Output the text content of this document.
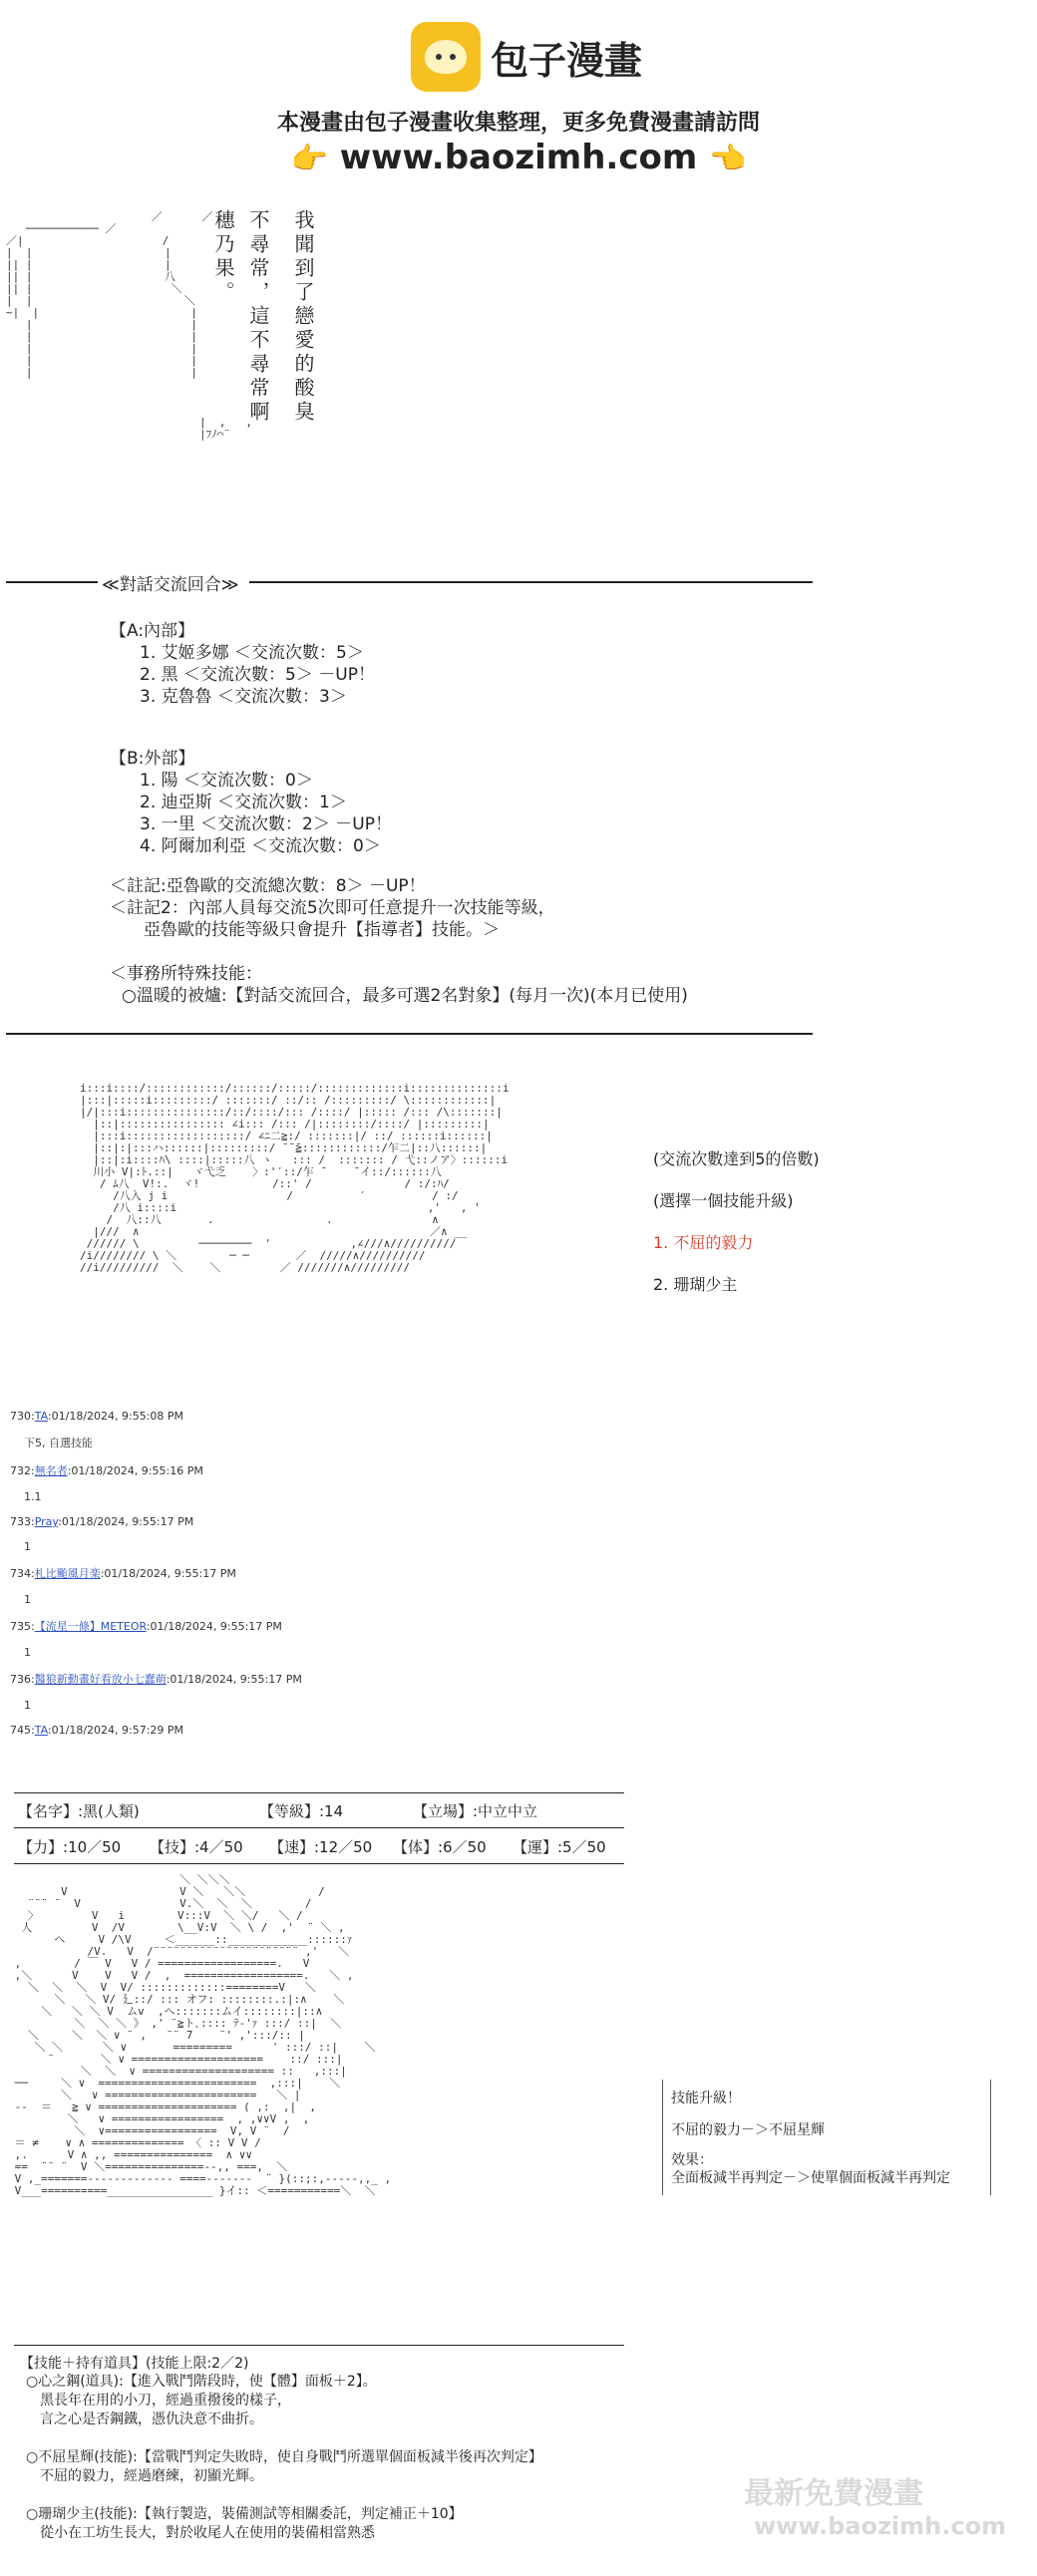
包子漫畫
本漫畫由包子漫畫收集整理，更多免費漫畫請訪問
👉 www.baozimh.com 👈
／      ／
─────────── ／
／|                     /
|  |                    |
|| |                    |
|| |                    八
|| |                     ＼
|  |                       ＼
~|  |                       |
|                        |
|                        |
|                        |
|                        |
|                        |	我聞到了戀愛的酸臭
不尋常，這不尋常啊
穗乃果。
|  ,   ,
|ﾌﾉ⌒¨
≪對話交流回合≫
【A:內部】
1. 艾姬多娜 ＜交流次數：5＞
2. 黑 ＜交流次數：5＞ －UP！
3. 克魯魯 ＜交流次數：3＞
【B:外部】
1. 陽 ＜交流次數：0＞
2. 迪亞斯 ＜交流次數：1＞
3. 一里 ＜交流次數：2＞ －UP！
4. 阿爾加利亞 ＜交流次數：0＞
＜註記:亞魯歐的交流總次數：8＞ －UP！
＜註記2：內部人員每交流5次即可任意提升一次技能等級，
　　亞魯歐的技能等級只會提升【指導者】技能。＞
＜事務所特殊技能：
○溫暖的被爐:【對話交流回合，最多可選2名對象】(每月一次)(本月已使用)
i:::i::::/::::::::::::/::::::/:::::/:::::::::::::i::::::::::::::i
|:::|:::::i:::::::::/ :::::::/ ::/:: /:::::::::/ \::::::::::::|
|/|:::i:::::::::::::::/::/::::/::: /::::/ |::::: /::: /\:::::::|
|::|:::::::::::::::: ∠i::: /::: /|::::::::/::::/ |:::::::::|
|:::i::::::::::::::::::/ ∠ﾆ二≧:/ :::::::|/ ::/ ::::::i::::::|
|::|:|:::ハ::::::|:::::::::/ ̄ ̄ ̄≧::::::::::::/乍二|::八::::::|
|::|:i::::ﾊ\ ::::|:::::八 ヽ   ::: /  ::::::: / 弋::ノア〉::::::i
川小 V|:ﾄ.::|   ヾ弋乏    〉:'′::/乍 ̄     ̄ イ::/::::::八
/ ﾑ八  V!:.  ヾ!           /::' /              / :/:ﾊ/
/八入 j i                  /          ′          / :/
/八 i::::i                                      ,'   , '
/  八::八       .                 .               ∧
|///  ∧                                            ／∧ __
////// \         ────────  '            ,∠///∧//////////
/i//////// \ ＼        ─ ─       ／  /////∧//////////
//i/////////  ＼    ＼         ／ ///////∧/////////
(交流次數達到5的倍數)
(選擇一個技能升級)
1. 不屈的毅力
2. 珊瑚少主
730:TA:01/18/2024, 9:55:08 PM
下5, 自選技能
732:無名者:01/18/2024, 9:55:16 PM
1.1
733:Pray:01/18/2024, 9:55:17 PM
1
734:札比颱風月楽:01/18/2024, 9:55:17 PM
1
735:【流星一條】METEOR:01/18/2024, 9:55:17 PM
1
736:醫狼新動畫好看放小七蠢萌:01/18/2024, 9:55:17 PM
1
745:TA:01/18/2024, 9:57:29 PM
【名字】:黑(人類)	【等級】:14	【立場】:中立中立
【力】:10／50 【技】:4／50 【速】:12／50 【体】:6／50 【運】:5／50
＼ ＼＼＼
V                 V ＼   ＼＼           /
¨¨¨ ¨  V               V.＼  ＼  ＼        /
〉        V   i        V:::V  ＼ ＼/   ＼ /
人         V  /V        \__V:V  ＼ \ /  ,'  ¨ ＼ ,
へ     V /\V     ＜______::____________::::::ｧ
/V.   V  /¨¨¨¨¨¨¨¨¨¨¨¨¨¨¨¨¨¨¨¨¨¨ ,'   ＼
,        / ￣ V   V / ==================.   V
,＼      V    V   V /  ,  ==================.   ＼ ,
＼  ＼  ＼  V  V/ :::::::::::::========V   ＼
＼   ＼ V/ 廴::/ ::: オフ: ::::::::.:|:∧    ＼
＼   ＼ ＼ V  ムv  ,へ:::::::ムイ::::::::|::∧
＼  ＼ ＼ 》 ,' ¨≧ト､:::: ﾃ-'ｧ :::/ ::|  ＼
＼     ＼  ＼ ∨ ¨ ,   ¨¨ 7    ¨' ,':::/:: |
＼ ＼      ＼ ∨       =========      ' :::/ ::|    ＼
¨       ＼ ∨ ====================    ::/ :::|
＼  ＼  ∨ ==================== ::   ,:::|
──     ＼ ∨  ========================  ,:::|    ＼
＼   ∨ =======================   ＼ |
--  ＝   ≧ ∨ ===================== ( ,:  ,|  ,
＼   ∨ =================  , ,∨∨V ,  ,
＼  ∨=================  V, V ¨  /
＝ ≠    ∨ ∧ ============== 〈 :: V V /
,.      V ∧ ,, ===============  ∧ ∨∨
==  ¨¨ ¨  V ＼===============--,, ===,  ＼
V ,_=======------------- ====-------  ¨ }(::;:,-----,,_ ,
V___==========________________ }イ:: ＜===========＼  ＼
技能升級！
不屈的毅力－＞不屈星輝
效果：
全面板減半再判定－＞使單個面板減半再判定
【技能＋持有道具】(技能上限:2／2)
○心之鋼(道具):【進入戰鬥階段時，使【體】面板＋2】。
　黑長年在用的小刀，經過重撥後的樣子，
　言之心是否鋼鐵，憑仇決意不曲折。
○不屈星輝(技能):【當戰鬥判定失敗時，使自身戰鬥所選單個面板減半後再次判定】
　不屈的毅力，經過磨練，初顯光輝。
○珊瑚少主(技能):【執行製造，裝備測試等相關委託，判定補正＋10】
　從小在工坊生長大，對於收尾人在使用的裝備相當熟悉
最新免費漫畫
www.baozimh.com
